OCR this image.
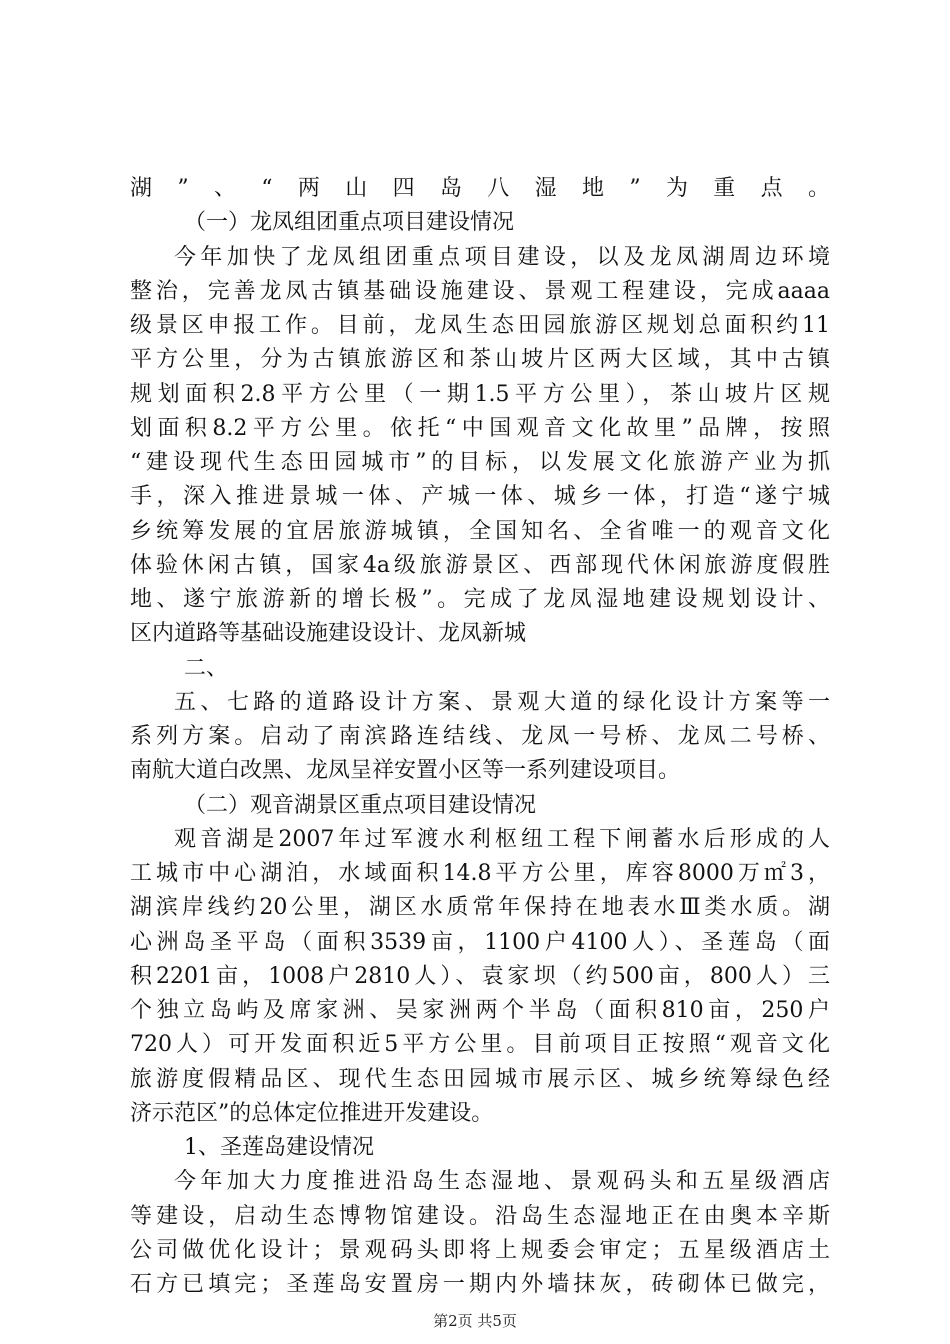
湖”、“两山四岛八湿地”为重点。
（一）龙凤组团重点项目建设情况
今年加快了龙凤组团重点项目建设，以及龙凤湖周边环境
整治，完善龙凤古镇基础设施建设、景观工程建设，完成aaaa
级景区申报工作。目前，龙凤生态田园旅游区规划总面积约11
平方公里，分为古镇旅游区和茶山坡片区两大区域，其中古镇
规划面积2.8平方公里（一期1.5平方公里），茶山坡片区规
划面积8.2平方公里。依托“中国观音文化故里”品牌，按照
“建设现代生态田园城市”的目标，以发展文化旅游产业为抓
手，深入推进景城一体、产城一体、城乡一体，打造“遂宁城
乡统筹发展的宜居旅游城镇，全国知名、全省唯一的观音文化
体验休闲古镇，国家4a级旅游景区、西部现代休闲旅游度假胜
地、遂宁旅游新的增长极”。完成了龙凤湿地建设规划设计、
区内道路等基础设施建设设计、龙凤新城
二、
五、七路的道路设计方案、景观大道的绿化设计方案等一
系列方案。启动了南滨路连结线、龙凤一号桥、龙凤二号桥、
南航大道白改黑、龙凤呈祥安置小区等一系列建设项目。
（二）观音湖景区重点项目建设情况
观音湖是2007年过军渡水利枢纽工程下闸蓄水后形成的人
工城市中心湖泊，水域面积14.8平方公里，库容8000万㎡3，
湖滨岸线约20公里，湖区水质常年保持在地表水Ⅲ类水质。湖
心洲岛圣平岛（面积3539亩，1100户4100人）、圣莲岛（面
积2201亩，1008户2810人）、袁家坝（约500亩，800人）三
个独立岛屿及席家洲、吴家洲两个半岛（面积810亩，250户
720人）可开发面积近5平方公里。目前项目正按照“观音文化
旅游度假精品区、现代生态田园城市展示区、城乡统筹绿色经
济示范区”的总体定位推进开发建设。
1、圣莲岛建设情况
今年加大力度推进沿岛生态湿地、景观码头和五星级酒店
等建设，启动生态博物馆建设。沿岛生态湿地正在由奥本辛斯
公司做优化设计；景观码头即将上规委会审定；五星级酒店土
石方已填完；圣莲岛安置房一期内外墙抹灰，砖砌体已做完，
第2页 共5页
